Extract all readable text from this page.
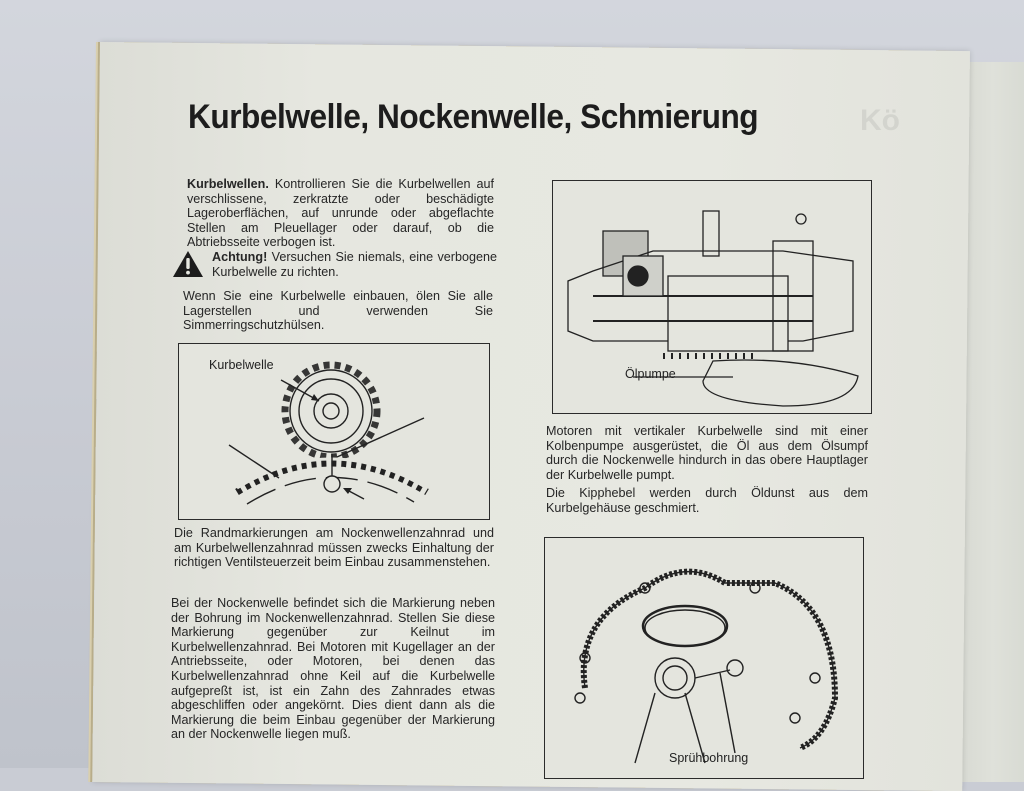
Kö
Kurbelwelle, Nockenwelle, Schmierung

Kurbelwellen. Kontrollieren Sie die Kurbelwellen auf verschlissene, zerkratzte oder beschädigte Lageroberflächen, auf unrunde oder abgeflachte Stellen am Pleuellager oder darauf, ob die Abtriebsseite verbogen ist.

Achtung! Versuchen Sie niemals, eine verbogene Kurbelwelle zu richten.

Wenn Sie eine Kurbelwelle einbauen, ölen Sie alle Lagerstellen und verwenden Sie Simmerringschutzhülsen.

Kurbelwelle

Die Randmarkierungen am Nockenwellenzahnrad und am Kurbelwellenzahnrad müssen zwecks Einhaltung der richtigen Ventilsteuerzeit beim Einbau zusammenstehen.

Bei der Nockenwelle befindet sich die Markierung neben der Bohrung im Nockenwellenzahnrad. Stellen Sie diese Markierung gegenüber zur Keilnut im Kurbelwellenzahnrad. Bei Motoren mit Kugellager an der Antriebsseite, oder Motoren, bei denen das Kurbelwellenzahnrad ohne Keil auf die Kurbelwelle aufgepreßt ist, ist ein Zahn des Zahnrades etwas abgeschliffen oder angekörnt. Dies dient dann als die Markierung die beim Einbau gegenüber der Markierung an der Nockenwelle liegen muß.

Ölpumpe

Motoren mit vertikaler Kurbelwelle sind mit einer Kolbenpumpe ausgerüstet, die Öl aus dem Ölsumpf durch die Nockenwelle hindurch in das obere Hauptlager der Kurbelwelle pumpt.

Die Kipphebel werden durch Öldunst aus dem Kurbelgehäuse geschmiert.

Sprühbohrung
